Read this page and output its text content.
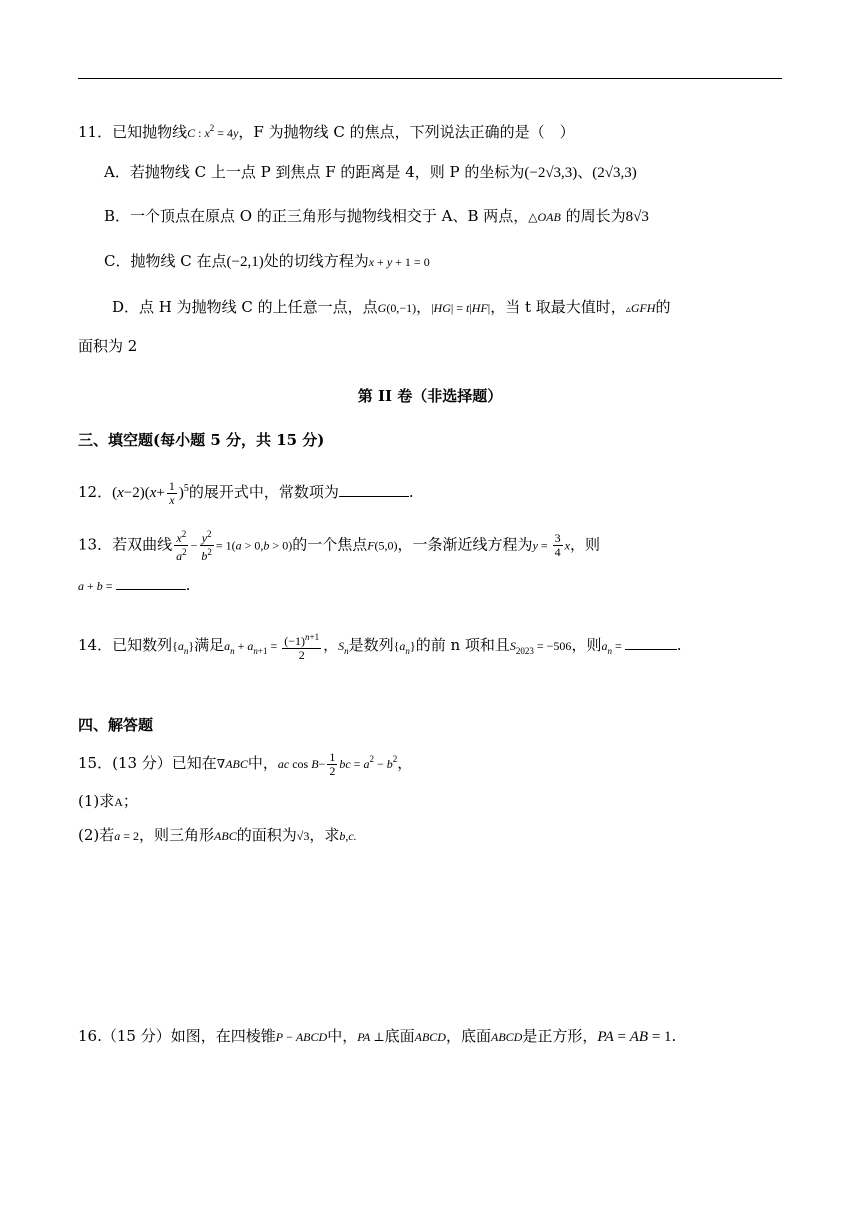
11．已知抛物线C : $x^2 = 4y$，F 为抛物线 C 的焦点，下列说法正确的是（　）
A．若抛物线 C 上一点 P 到焦点 F 的距离是 4，则 P 的坐标为(−2√3,3)、(2√3,3)
B．一个顶点在原点 O 的正三角形与抛物线相交于 A、B 两点，△OAB 的周长为8√3
C．抛物线 C 在点(−2,1)处的切线方程为x + y + 1 = 0
D．点 H 为抛物线 C 的上任意一点，点G(0,−1)，|HG| = t|HF|，当 t 取最大值时，▵GFH的
面积为 2
第 II 卷（非选择题）
三、填空题(每小题 5 分，共 15 分)
12．$(x-2)(x+ \frac{1}{x} )^5$的展开式中，常数项为	.
13．若双曲线 $\frac{x^2}{a^2} - \frac{y^2}{b^2} = 1(a > 0,b > 0)$的一个焦点F(5,0)，一条渐近线方程为$y = \frac{3}{4}$ x，则
a + b =	.
14．已知数列$\{a_n\}$满足$a_n + a_{n+1} = \frac{(-1)^{n+1}}{2}$ ，$S_n$是数列$\{a_n\}$的前 n 项和且$S_{2023} = -506$，则$a_n$ =	.
四、解答题
15．(13 分）已知在∇ABC中，ac $\cos B- \frac{1}{2}$ bc = $a^2 - b^2$，
(1)求A；
(2)若a = 2，则三角形ABC的面积为√3，求b,c.
16.（15 分）如图，在四棱锥P − ABCD中，PA ⊥底面ABCD，底面ABCD是正方形，PA = AB = 1.
